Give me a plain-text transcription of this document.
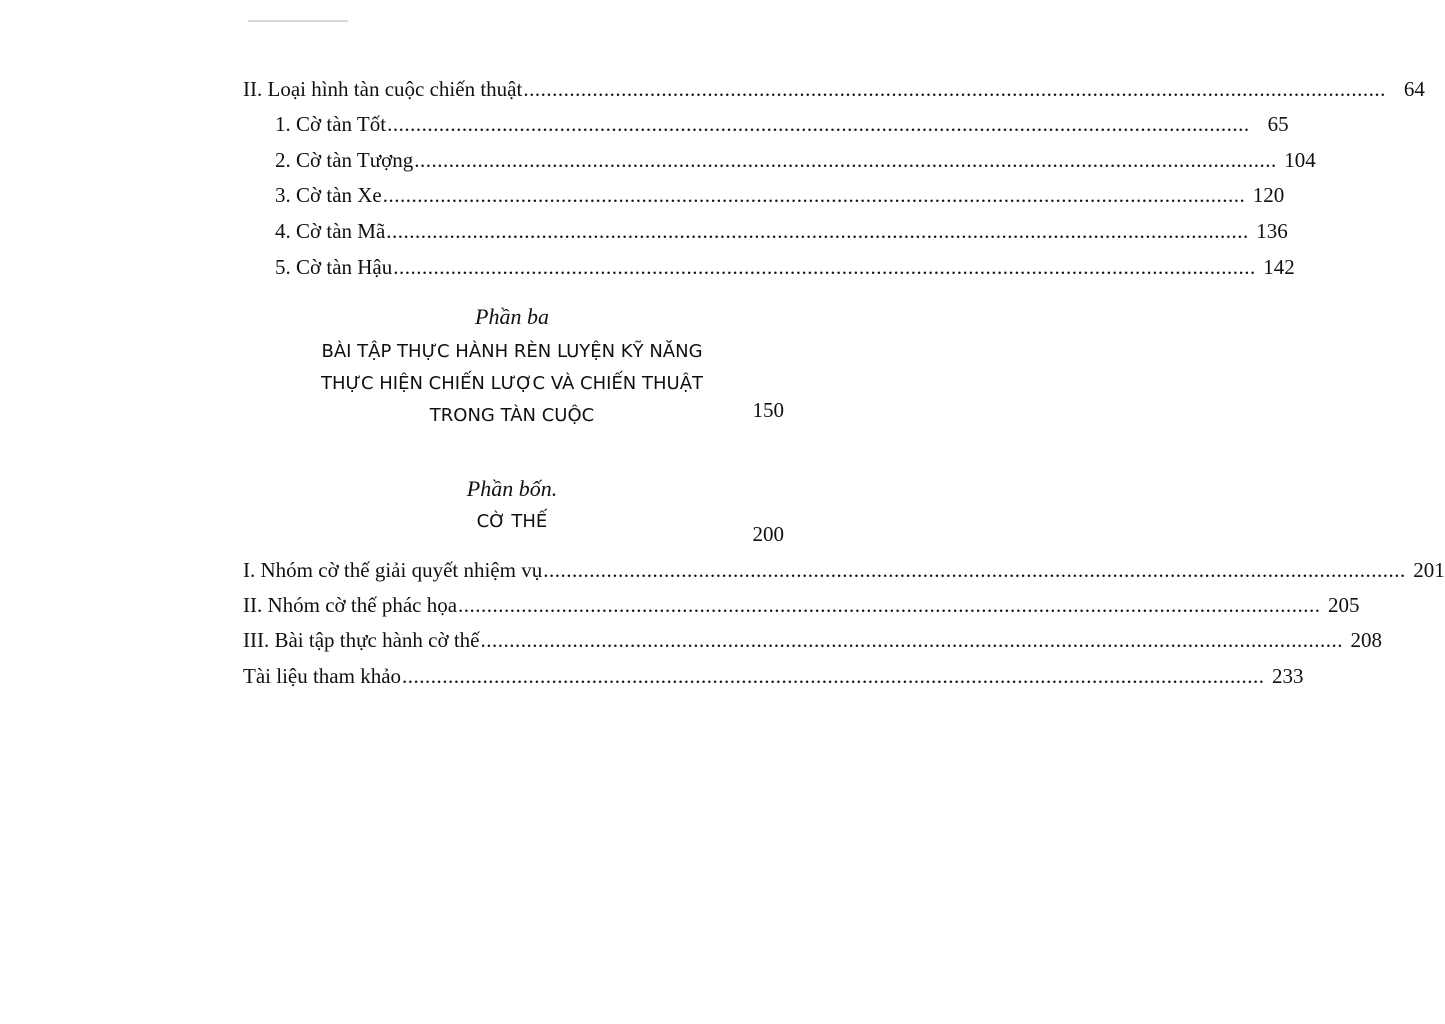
II. Loại hình tàn cuộc chiến thuật ...................................................................................................................................................... 64
1. Cờ tàn Tốt ...................................................................................................................................................... 65
2. Cờ tàn Tượng ...................................................................................................................................................... 104
3. Cờ tàn Xe ...................................................................................................................................................... 120
4. Cờ tàn Mã ...................................................................................................................................................... 136
5. Cờ tàn Hậu ...................................................................................................................................................... 142
Phần ba
BÀI TẬP THỰC HÀNH RÈN LUYỆN KỸ NĂNG
THỰC HIỆN CHIẾN LƯỢC VÀ CHIẾN THUẬT
TRONG TÀN CUỘC	150
Phần bốn.
CỜ THẾ
200
I. Nhóm cờ thế giải quyết nhiệm vụ ...................................................................................................................................................... 201
II. Nhóm cờ thế phác họa ...................................................................................................................................................... 205
III. Bài tập thực hành cờ thế ...................................................................................................................................................... 208
Tài liệu tham khảo ...................................................................................................................................................... 233
